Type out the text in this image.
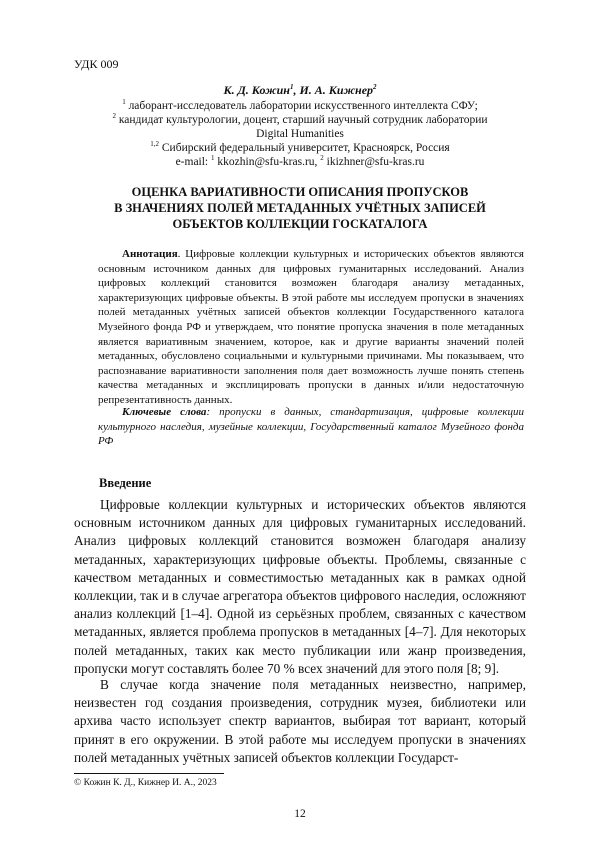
УДК 009
К. Д. Кожин$^1$, И. А. Кижнер$^2$
$^1$ лаборант-исследователь лаборатории искусственного интеллекта СФУ;
$^2$ кандидат культурологии, доцент, старший научный сотрудник лаборатории
Digital Humanities
$^{1,2}$ Сибирский федеральный университет, Красноярск, Россия
e-mail: $^1$ kkozhin@sfu-kras.ru, $^2$ ikizhner@sfu-kras.ru
ОЦЕНКА ВАРИАТИВНОСТИ ОПИСАНИЯ ПРОПУСКОВ
В ЗНАЧЕНИЯХ ПОЛЕЙ МЕТАДАННЫХ УЧЁТНЫХ ЗАПИСЕЙ
ОБЪЕКТОВ КОЛЛЕКЦИИ ГОСКАТАЛОГА

Аннотация. Цифровые коллекции культурных и исторических объектов являются основным источником данных для цифровых гуманитарных исследований. Анализ цифровых коллекций становится возможен благодаря анализу метаданных, характеризующих цифровые объекты. В этой работе мы исследуем пропуски в значениях полей метаданных учётных записей объектов коллекции Государственного каталога Музейного фонда РФ и утверждаем, что понятие пропуска значения в поле метаданных является вариативным значением, которое, как и другие варианты значений полей метаданных, обусловлено социальными и культурными причинами. Мы показываем, что распознавание вариативности заполнения поля дает возможность лучше понять степень качества метаданных и эксплицировать пропуски в данных и/или недостаточную репрезентативность данных.

Ключевые слова: пропуски в данных, стандартизация, цифровые коллекции культурного наследия, музейные коллекции, Государственный каталог Музейного фонда РФ

Введение

Цифровые коллекции культурных и исторических объектов являются основным источником данных для цифровых гуманитарных исследований. Анализ цифровых коллекций становится возможен благодаря анализу метаданных, характеризующих цифровые объекты. Проблемы, связанные с качеством метаданных и совместимостью метаданных как в рамках одной коллекции, так и в случае агрегатора объектов цифрового наследия, осложняют анализ коллекций [1–4]. Одной из серьёзных проблем, связанных с качеством метаданных, является проблема пропусков в метаданных [4–7]. Для некоторых полей метаданных, таких как место публикации или жанр произведения, пропуски могут составлять более 70 % всех значений для этого поля [8; 9].

В случае когда значение поля метаданных неизвестно, например, неизвестен год создания произведения, сотрудник музея, библиотеки или архива часто использует спектр вариантов, выбирая тот вариант, который принят в его окружении. В этой работе мы исследуем пропуски в значениях полей метаданных учётных записей объектов коллекции Государст-

© Кожин К. Д., Кижнер И. А., 2023
12
